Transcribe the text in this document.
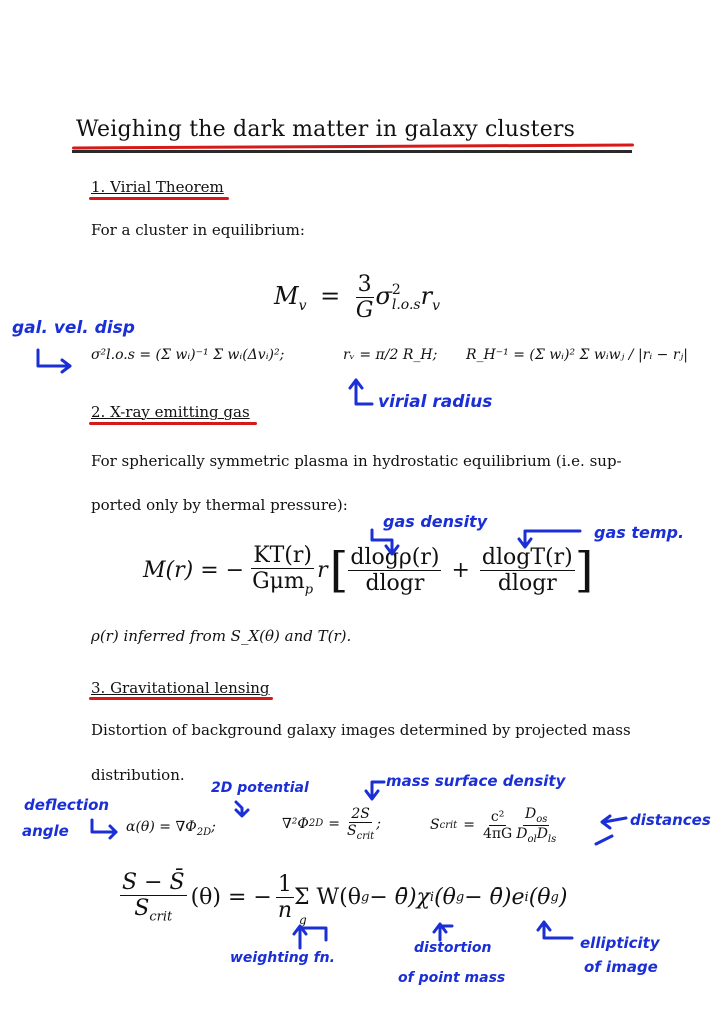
Weighing the dark matter in galaxy clusters
1. Virial Theorem
For a cluster in equilibrium:
$M_v = \frac{3}{G}$ σ 2
l.o.s $r_v$
σ²l.o.s = (Σ wᵢ)⁻¹ Σ wᵢ(Δvᵢ)²;	rᵥ = π/2 R_H; R_H⁻¹ = (Σ wᵢ)² Σ wᵢwⱼ / |rᵢ − rⱼ|
2. X-ray emitting gas
For spherically symmetric plasma in hydrostatic equilibrium (i.e. sup-
ported only by thermal pressure):
M(r) = − $\frac{KT(r)}{G\mu m_p}$ r [ $\frac{dlog\rho(r)}{dlogr} + \frac{dlogT(r)}{dlogr}$ ]
ρ(r) inferred from S_X(θ) and T(r).
3. Gravitational lensing
Distortion of background galaxy images determined by projected mass
distribution.
$\alpha(\theta) = \nabla\Phi_{2D}$;	∇²Φ $2D = \frac{2S}{S_{crit}}$ ;	S crit = $\frac{\text{c²}}{4\pi G} \frac{D_{os}}{D_{ol}D_{ls}}$
$\frac{S - S̄}{S_{crit}} (\theta)$ = − $\frac{1}{n}$ Σ W(θ g − θ̄)χ i (θ g − θ̄)e i (θ g )
g
gal. vel. disp
virial radius
gas density
gas temp.
2D potential	mass surface density
deflection
angle
distances
weighting fn.
distortion
of point mass
ellipticity
of image
